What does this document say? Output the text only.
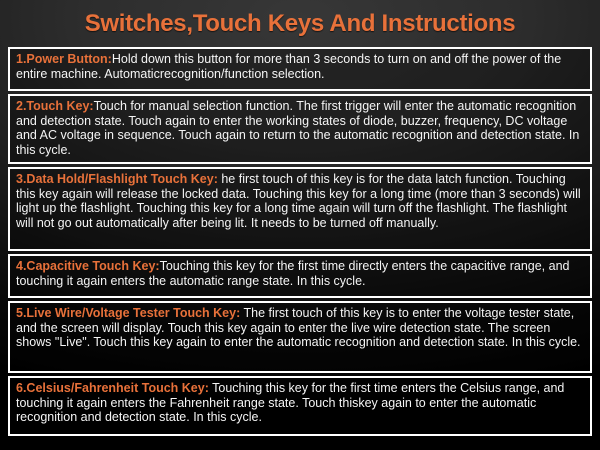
Switches,Touch Keys And Instructions
1.Power Button:Hold down this button for more than 3 seconds to turn on and off the power of the entire machine. Automaticrecognition/function selection.
2.Touch Key:Touch for manual selection function. The first trigger will enter the automatic recognition and detection state. Touch again to enter the working states of diode, buzzer, frequency, DC voltage and AC voltage in sequence. Touch again to return to the automatic recognition and detection state. In this cycle.
3.Data Hold/Flashlight Touch Key: he first touch of this key is for the data latch function. Touching this key again will release the locked data. Touching this key for a long time (more than 3 seconds) will light up the flashlight. Touching this key for a long time again will turn off the flashlight. The flashlight will not go out automatically after being lit. It needs to be turned off manually.
4.Capacitive Touch Key:Touching this key for the first time directly enters the capacitive range, and touching it again enters the automatic range state. In this cycle.
5.Live Wire/Voltage Tester Touch Key: The first touch of this key is to enter the voltage tester state, and the screen will display. Touch this key again to enter the live wire detection state. The screen shows "Live". Touch this key again to enter the automatic recognition and detection state. In this cycle.
6.Celsius/Fahrenheit Touch Key: Touching this key for the first time enters the Celsius range, and touching it again enters the Fahrenheit range state. Touch thiskey again to enter the automatic recognition and detection state. In this cycle.
